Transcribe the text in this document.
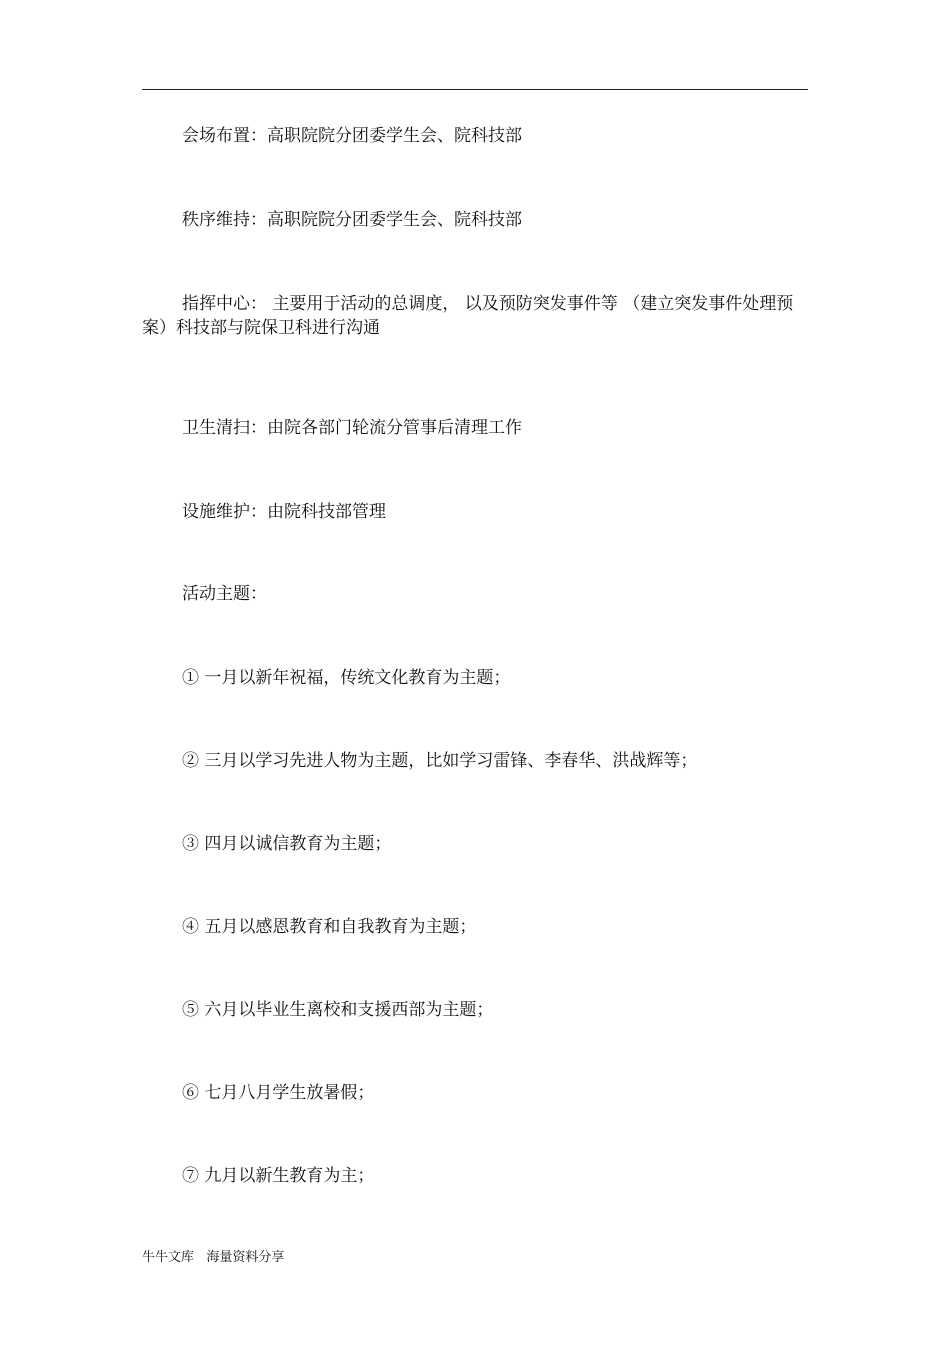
会场布置：高职院院分团委学生会、院科技部

秩序维持：高职院院分团委学生会、院科技部

指挥中心： 主要用于活动的总调度， 以及预防突发事件等 （建立突发事件处理预案）科技部与院保卫科进行沟通

卫生清扫：由院各部门轮流分管事后清理工作

设施维护：由院科技部管理

活动主题：

① 一月以新年祝福，传统文化教育为主题；

② 三月以学习先进人物为主题，比如学习雷锋、李春华、洪战辉等；

③ 四月以诚信教育为主题；

④ 五月以感恩教育和自我教育为主题；

⑤ 六月以毕业生离校和支援西部为主题；

⑥ 七月八月学生放暑假；

⑦ 九月以新生教育为主；

牛牛文库   海量资料分享
